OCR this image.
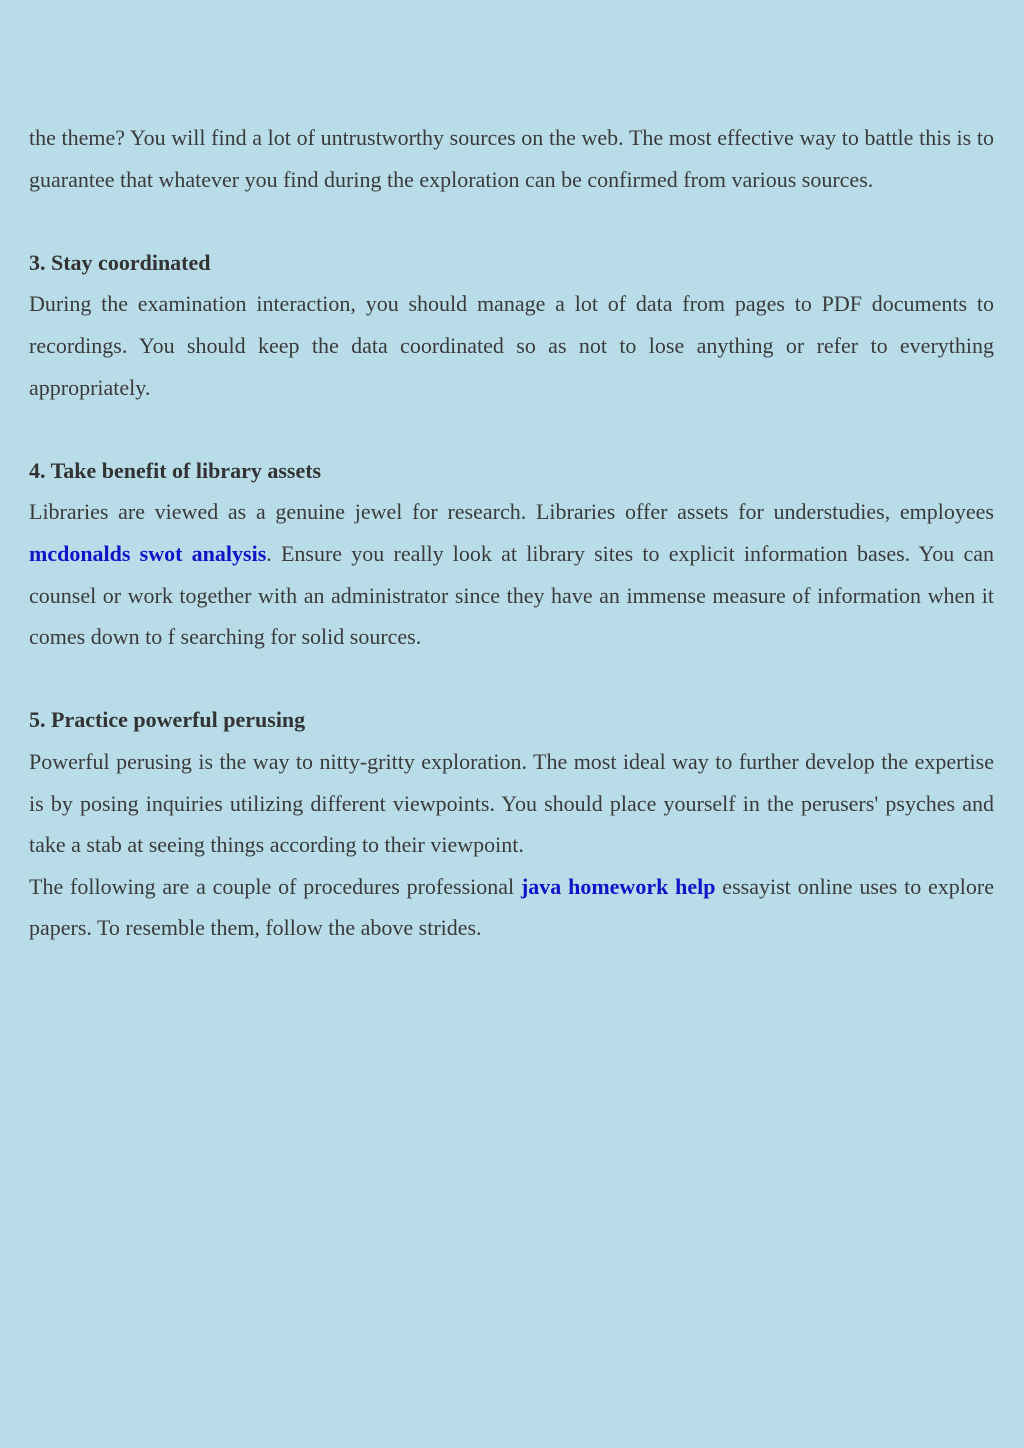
the theme? You will find a lot of untrustworthy sources on the web. The most effective way to battle this is to guarantee that whatever you find during the exploration can be confirmed from various sources.

3. Stay coordinated

During the examination interaction, you should manage a lot of data from pages to PDF documents to recordings. You should keep the data coordinated so as not to lose anything or refer to everything appropriately.

4. Take benefit of library assets

Libraries are viewed as a genuine jewel for research. Libraries offer assets for understudies, employees mcdonalds swot analysis. Ensure you really look at library sites to explicit information bases. You can counsel or work together with an administrator since they have an immense measure of information when it comes down to f searching for solid sources.

5. Practice powerful perusing

Powerful perusing is the way to nitty-gritty exploration. The most ideal way to further develop the expertise is by posing inquiries utilizing different viewpoints. You should place yourself in the perusers' psyches and take a stab at seeing things according to their viewpoint.

The following are a couple of procedures professional java homework help essayist online uses to explore papers. To resemble them, follow the above strides.
